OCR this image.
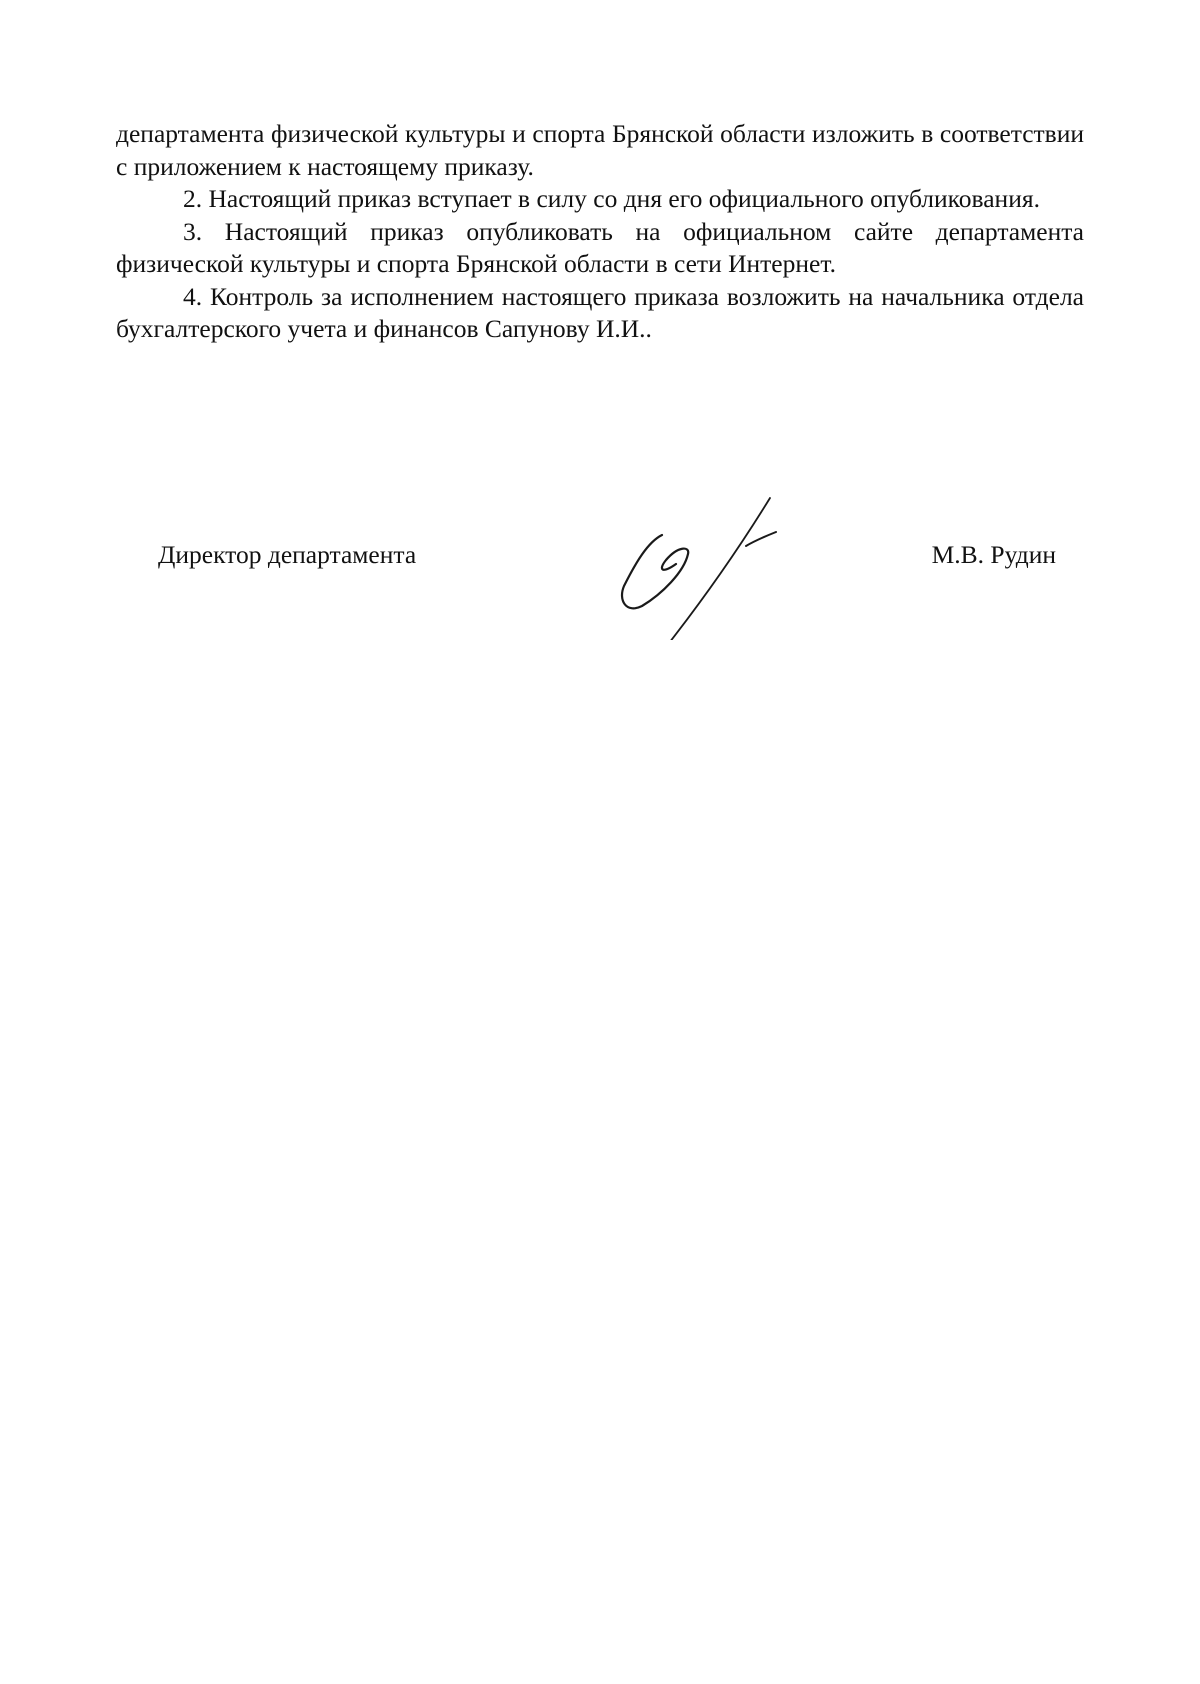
департамента физической культуры и спорта Брянской области изложить в соответствии с приложением к настоящему приказу.

2. Настоящий приказ вступает в силу со дня его официального опубликования.

3. Настоящий приказ опубликовать на официальном сайте департамента физической культуры и спорта Брянской области в сети Интернет.

4. Контроль за исполнением настоящего приказа возложить на начальника отдела бухгалтерского учета и финансов Сапунову И.И..

Директор департамента	М.В. Рудин
